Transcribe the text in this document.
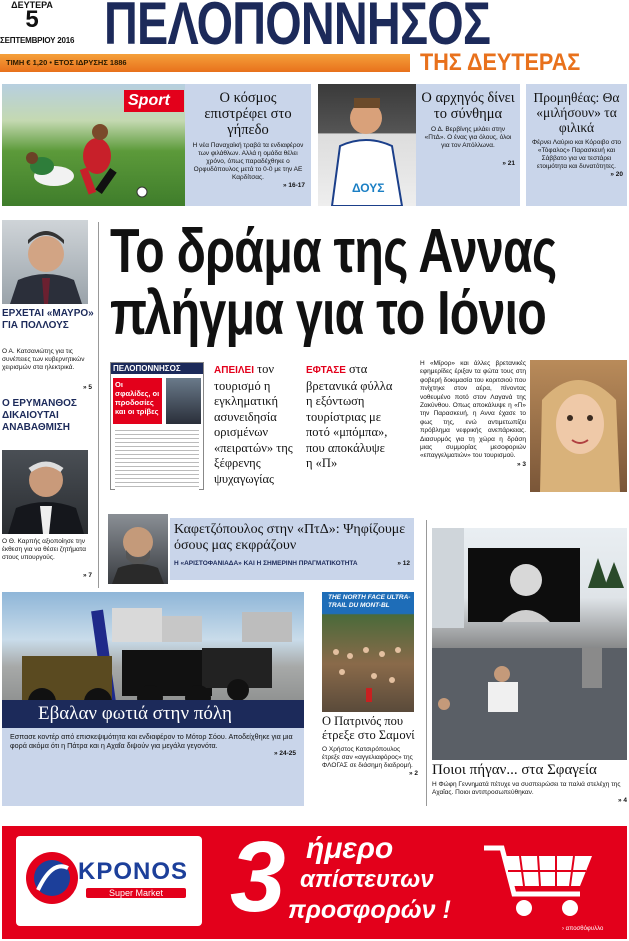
ΔΕΥΤΕΡΑ
5
ΣΕΠΤΕΜΒΡΙΟΥ 2016 ΠΕΛΟΠΟΝΝΗΣΟΣ
ΤΙΜΗ € 1,20 • ΕΤΟΣ ΙΔΡΥΣΗΣ 1886	ΤΗΣ ΔΕΥΤΕΡΑΣ
Sport	Ο κόσμος επιστρέφει στο γήπεδο
Η νέα Παναχαϊκή τραβά τα ενδιαφέρον των φιλάθλων. Αλλά η ομάδα θέλει χρόνο, όπως παραδέχθηκε ο Ορφυδόπουλος μετά το 0-0 με την ΑΕ Καρδίτσας.
» 16-17	ΔΟΥΣ
Ο αρχηγός δίνει το σύνθημα
Ο Δ. Βερβίνης μιλάει στην «ΠτΔ». Ο ένας για όλους, όλοι για τον Απόλλωνα.
» 21
Προμηθέας: Θα «μιλήσουν» τα φιλικά
Φέρνει Λαύριο και Κόροιβο στο «Τόφαλος» Παρασκευή και Σάββατο για να τεστάρει ετοιμότητα και δυνατότητες.
» 20
ΕΡΧΕΤΑΙ «ΜΑΥΡΟ» ΓΙΑ ΠΟΛΛΟΥΣ
Ο Α. Κατσανιώτης για τις συνέπειες των κυβερνητικών χειρισμών στα ηλεκτρικά.
» 5
Ο ΕΡΥΜΑΝΘΟΣ ΔΙΚΑΙΟΥΤΑΙ ΑΝΑΒΑΘΜΙΣΗ
Ο Θ. Καρπής αξιοποίησε την έκθεση για να θέσει ζητήματα στους υπουργούς.
» 7
Το δράμα της Αννας
πλήγμα για το Ιόνιο
ΠΕΛΟΠΟΝΝΗΣΟΣ
Οι σφαλίδες, οι προδοσίες και οι τρίβες
ΑΠΕΙΛΕΙ τον τουρισμό η εγκληματική ασυνειδησία ορισμένων «πειρατών» της ξέφρενης ψυχαγωγίας
ΕΦΤΑΣΕ στα βρετανικά φύλλα η εξόντωση τουρίστριας με ποτό «μπόμπα», που αποκάλυψε η «Π»
Η «Μίρορ» και άλλες βρετανικές εφημερίδες έριξαν τα φώτα τους στη φοβερή δοκιμασία του κοριτσιού που πνίχτηκε στον αέρα, πίνοντας νοθευμένο ποτό στον Λαγανά της Ζακύνθου. Οπως αποκάλυψε η «Π» την Παρασκευή, η Αννα έχασε το φως της, ενώ αντιμετωπίζει πρόβλημα νεφρικής ανεπάρκειας. Διασυρμός για τη χώρα η δράση μιας συμμορίας μεσοφοριών «επαγγελματιών» του τουρισμού.
» 3
Καφετζόπουλος στην «ΠτΔ»: Ψηφίζουμε όσους μας εκφράζουν
Η «ΑΡΙΣΤΟΦΑΝΙΑΔΑ» ΚΑΙ Η ΣΗΜΕΡΙΝΗ ΠΡΑΓΜΑΤΙΚΟΤΗΤΑ	» 12
Εβαλαν φωτιά στην πόλη
Εσπασε κοντέρ από επισκεψιμότητα και ενδιαφέρον το Μότορ Σόου. Αποδείχθηκε για μια φορά ακόμα ότι η Πάτρα και η Αχαΐα διψούν για μεγάλα γεγονότα.
» 24-25
THE NORTH FACE ULTRA-TRAIL DU MONT-BL
Ο Πατρινός που έτρεξε στο Σαμονί
Ο Χρήστος Κατσιρόπουλος έτρεξε σαν «αγγελιαφόρος» της ΦΛΟΓΑΣ σε διάσημη διαδρομή.
» 2 Ποιοι πήγαν... στα Σφαγεία
Η Φώφη Γεννηματά πέτυχε να συσπειρώσει τα παλιά στελέχη της Αχαΐας. Ποιοι αντιπροσωπεύθηκαν.
» 4
KPONOS
Super Market 3 ήμερο
απίστευτων
προσφορών !
› αποσθόφυλλο
